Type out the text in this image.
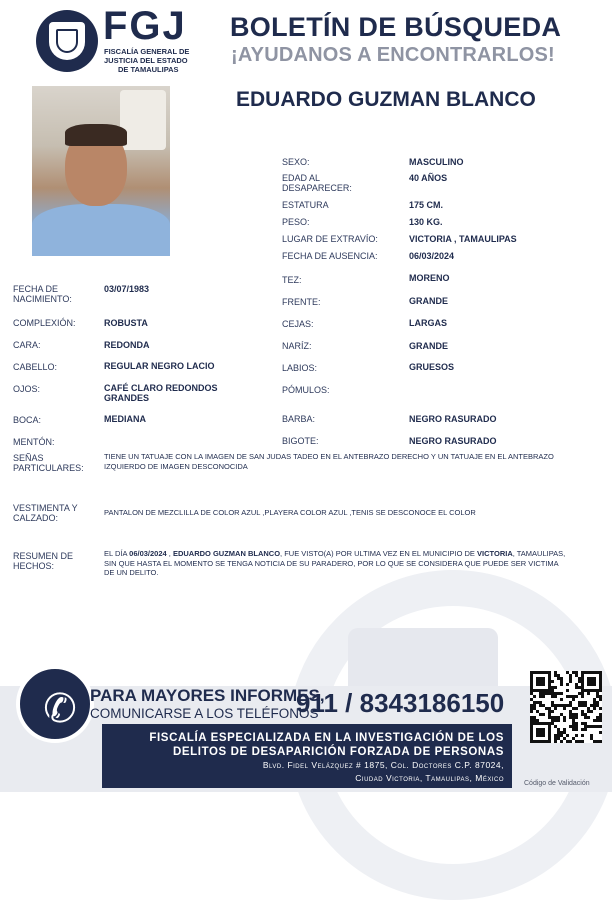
FGJ
FISCALÍA GENERAL DE
JUSTICIA DEL ESTADO
DE TAMAULIPAS
BOLETÍN DE BÚSQUEDA
¡AYUDANOS A ENCONTRARLOS!
EDUARDO GUZMAN BLANCO
SEXO:	MASCULINO
EDAD AL DESAPARECER:
40 AÑOS
ESTATURA	175 CM.
PESO:	130 KG.
LUGAR DE EXTRAVÍO:	VICTORIA , TAMAULIPAS
FECHA DE AUSENCIA:	06/03/2024
TEZ:	MORENO
FRENTE:	GRANDE
CEJAS:	LARGAS
NARÍZ:	GRANDE
LABIOS:	GRUESOS
PÓMULOS:
BARBA:	NEGRO RASURADO
BIGOTE:	NEGRO RASURADO
FECHA DE NACIMIENTO:
03/07/1983
COMPLEXIÓN:	ROBUSTA
CARA:	REDONDA
CABELLO:	REGULAR NEGRO LACIO
OJOS:	CAFÉ CLARO REDONDOS GRANDES
BOCA:	MEDIANA
MENTÓN:
SEÑAS PARTICULARES:
TIENE UN TATUAJE CON LA IMAGEN DE SAN JUDAS TADEO EN EL ANTEBRAZO DERECHO Y UN TATUAJE EN EL ANTEBRAZO IZQUIERDO DE IMAGEN DESCONOCIDA
VESTIMENTA Y CALZADO:
PANTALON DE MEZCLILLA DE COLOR AZUL ,PLAYERA COLOR AZUL ,TENIS SE DESCONOCE EL COLOR
RESUMEN DE HECHOS:
EL DÍA 06/03/2024 , EDUARDO GUZMAN BLANCO, FUE VISTO(A) POR ULTIMA VEZ EN EL MUNICIPIO DE VICTORIA, TAMAULIPAS, SIN QUE HASTA EL MOMENTO SE TENGA NOTICIA DE SU PARADERO, POR LO QUE SE CONSIDERA QUE PUEDE SER VICTIMA DE UN DELITO.
✆ PARA MAYORES INFORMES,
COMUNICARSE A LOS TELÉFONOS
911 / 8343186150
FISCALÍA ESPECIALIZADA EN LA INVESTIGACIÓN DE LOS
DELITOS DE DESAPARICIÓN FORZADA DE PERSONAS
Blvd. Fidel Velázquez # 1875, Col. Doctores C.P. 87024,
Ciudad Victoria, Tamaulipas, México
Código de Validación
